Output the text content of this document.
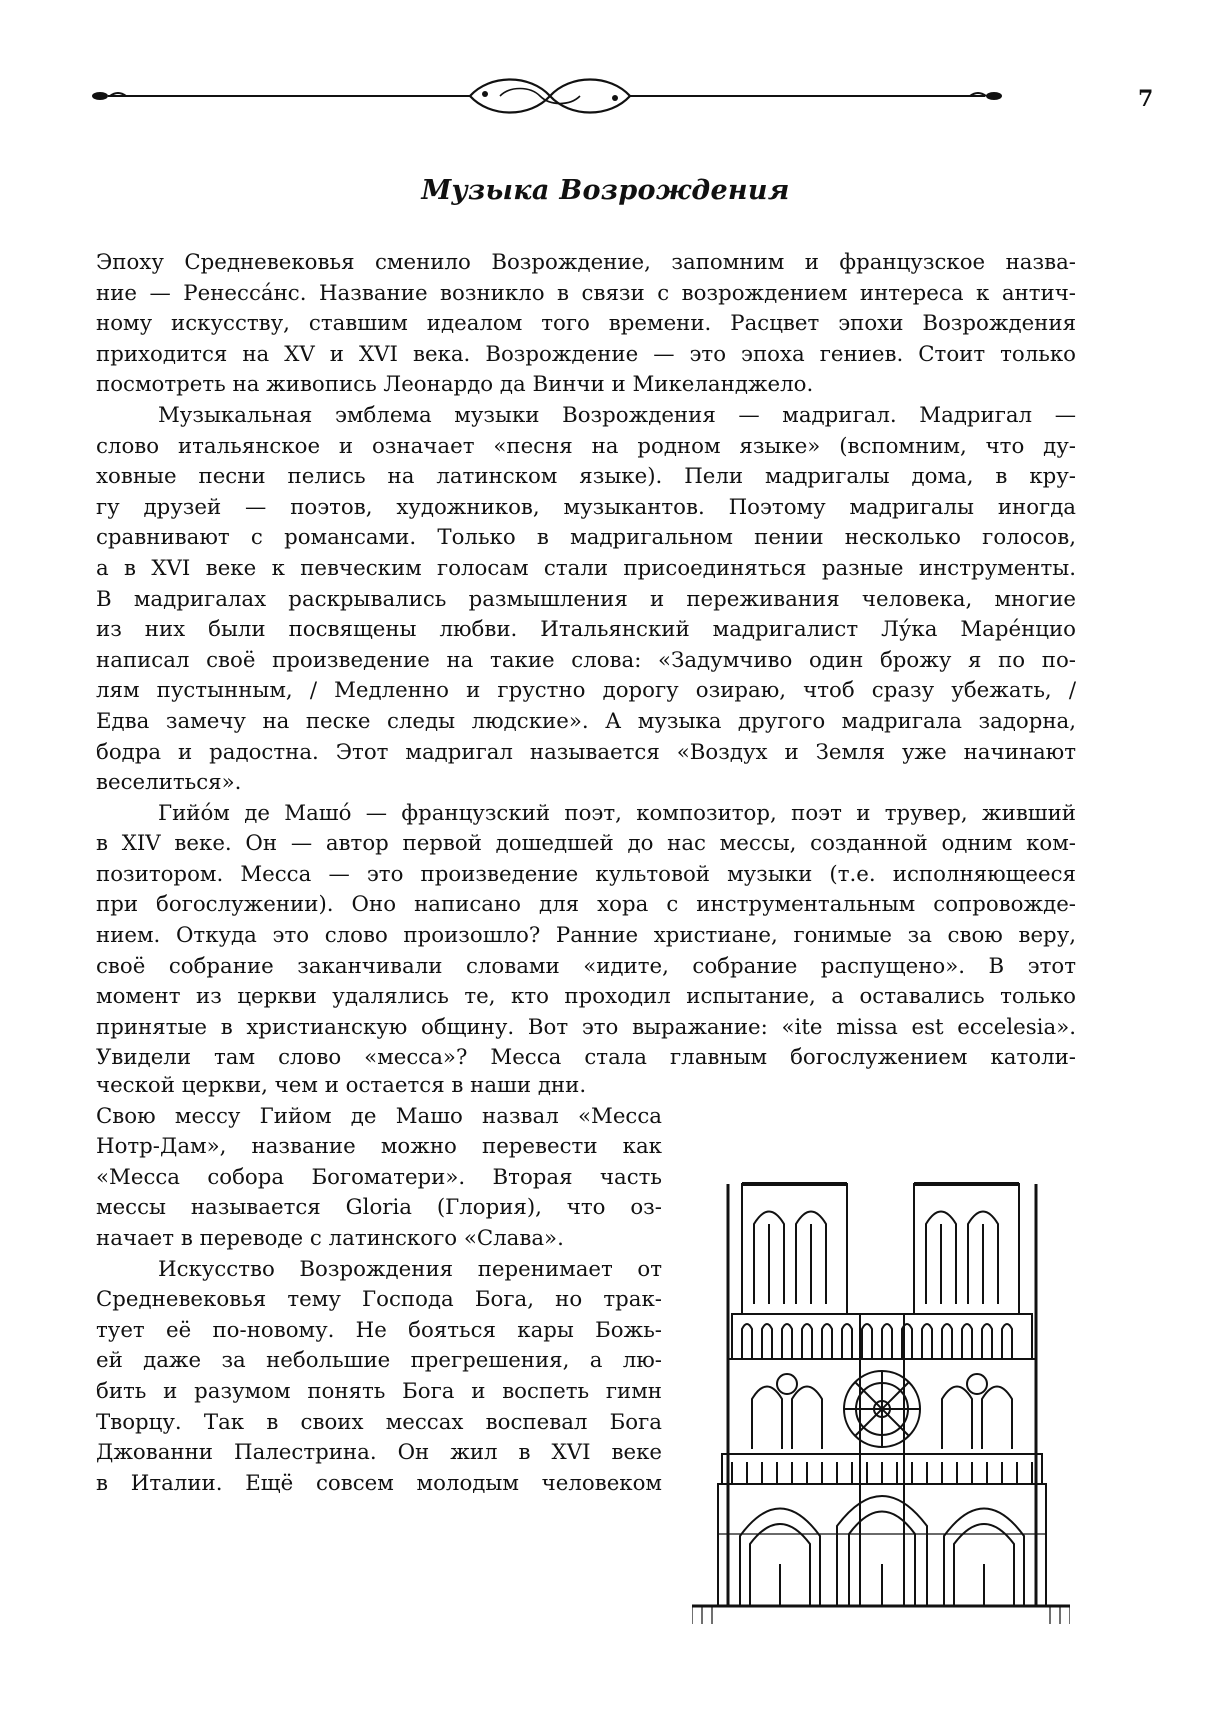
7
Музыка Возрождения
Эпоху Средневековья сменило Возрождение, запомним и французское назва-
ние — Ренесса́нс. Название возникло в связи с возрождением интереса к антич-
ному искусству, ставшим идеалом того времени. Расцвет эпохи Возрождения
приходится на XV и XVI века. Возрождение — это эпоха гениев. Стоит только
посмотреть на живопись Леонардо да Винчи и Микеланджело.
Музыкальная эмблема музыки Возрождения — мадригал. Мадригал —
слово итальянское и означает «песня на родном языке» (вспомним, что ду-
ховные песни пелись на латинском языке). Пели мадригалы дома, в кру-
гу друзей — поэтов, художников, музыкантов. Поэтому мадригалы иногда
сравнивают с романсами. Только в мадригальном пении несколько голосов,
а в XVI веке к певческим голосам стали присоединяться разные инструменты.
В мадригалах раскрывались размышления и переживания человека, многие
из них были посвящены любви. Итальянский мадригалист Лу́ка Маре́нцио
написал своё произведение на такие слова: «Задумчиво один брожу я по по-
лям пустынным, / Медленно и грустно дорогу озираю, чтоб сразу убежать, /
Едва замечу на песке следы людские». А музыка другого мадригала задорна,
бодра и радостна. Этот мадригал называется «Воздух и Земля уже начинают
веселиться».
Гийо́м де Машо́ — французский поэт, композитор, поэт и трувер, живший
в XIV веке. Он — автор первой дошедшей до нас мессы, созданной одним ком-
позитором. Месса — это произведение культовой музыки (т.е. исполняющееся
при богослужении). Оно написано для хора с инструментальным сопровожде-
нием. Откуда это слово произошло? Ранние христиане, гонимые за свою веру,
своё собрание заканчивали словами «идите, собрание распущено». В этот
момент из церкви удалялись те, кто проходил испытание, а оставались только
принятые в христианскую общину. Вот это выражание: «ite missa est eccelesia».
Увидели там слово «месса»? Месса стала главным богослужением католи-
ческой церкви, чем и остается в наши дни.
Свою мессу Гийом де Машо назвал «Месса
Нотр-Дам», название можно перевести как
«Месса собора Богоматери». Вторая часть
мессы называется Gloria (Глория), что оз-
начает в переводе с латинского «Слава».
Искусство Возрождения перенимает от
Средневековья тему Господа Бога, но трак-
тует её по-новому. Не бояться кары Божь-
ей даже за небольшие прегрешения, а лю-
бить и разумом понять Бога и воспеть гимн
Творцу. Так в своих мессах воспевал Бога
Джованни Палестрина. Он жил в XVI веке
в Италии. Ещё совсем молодым человеком
